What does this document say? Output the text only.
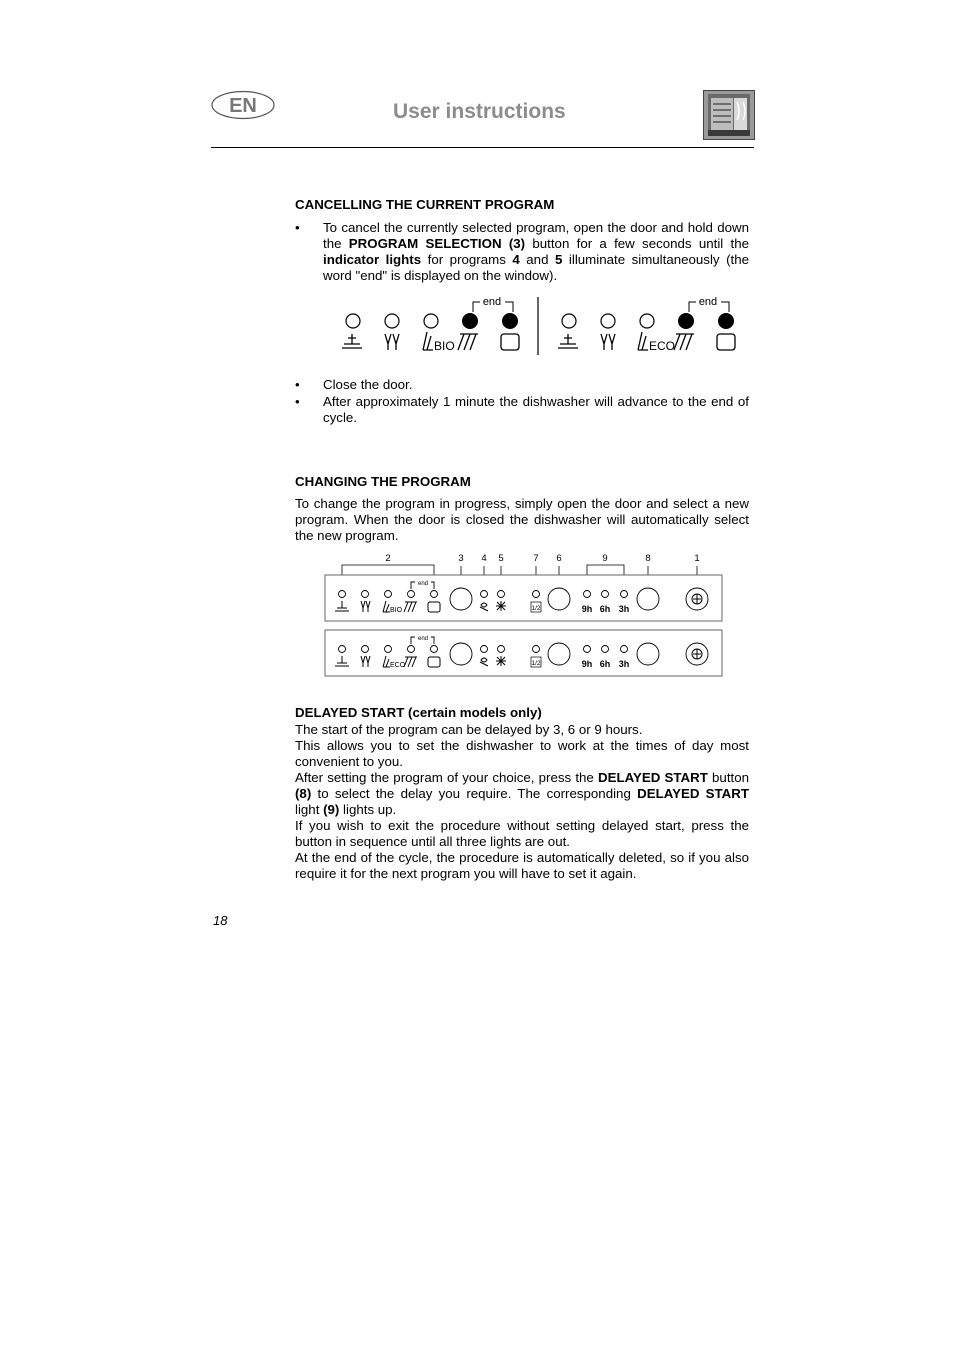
EN	User instructions
CANCELLING THE CURRENT PROGRAM
• To cancel the currently selected program, open the door and hold down the PROGRAM SELECTION (3) button for a few seconds until the indicator lights for programs 4 and 5 illuminate simultaneously (the word "end" is displayed on the window).
end
BIO
end
ECO
• Close the door.
• After approximately 1 minute the dishwasher will advance to the end of cycle.
CHANGING THE PROGRAM
To change the program in progress, simply open the door and select a new program. When the door is closed the dishwasher will automatically select the new program.
2	3 4 5	7 6	9	8	1
end
BIO	1/2	9h 6h 3h
end
ECO	1/2	9h 6h 3h
DELAYED START (certain models only)
The start of the program can be delayed by 3, 6 or 9 hours.
This allows you to set the dishwasher to work at the times of day most convenient to you.
After setting the program of your choice, press the DELAYED START button (8) to select the delay you require. The corresponding DELAYED START light (9) lights up.
If you wish to exit the procedure without setting delayed start, press the button in sequence until all three lights are out.
At the end of the cycle, the procedure is automatically deleted, so if you also require it for the next program you will have to set it again.
18
